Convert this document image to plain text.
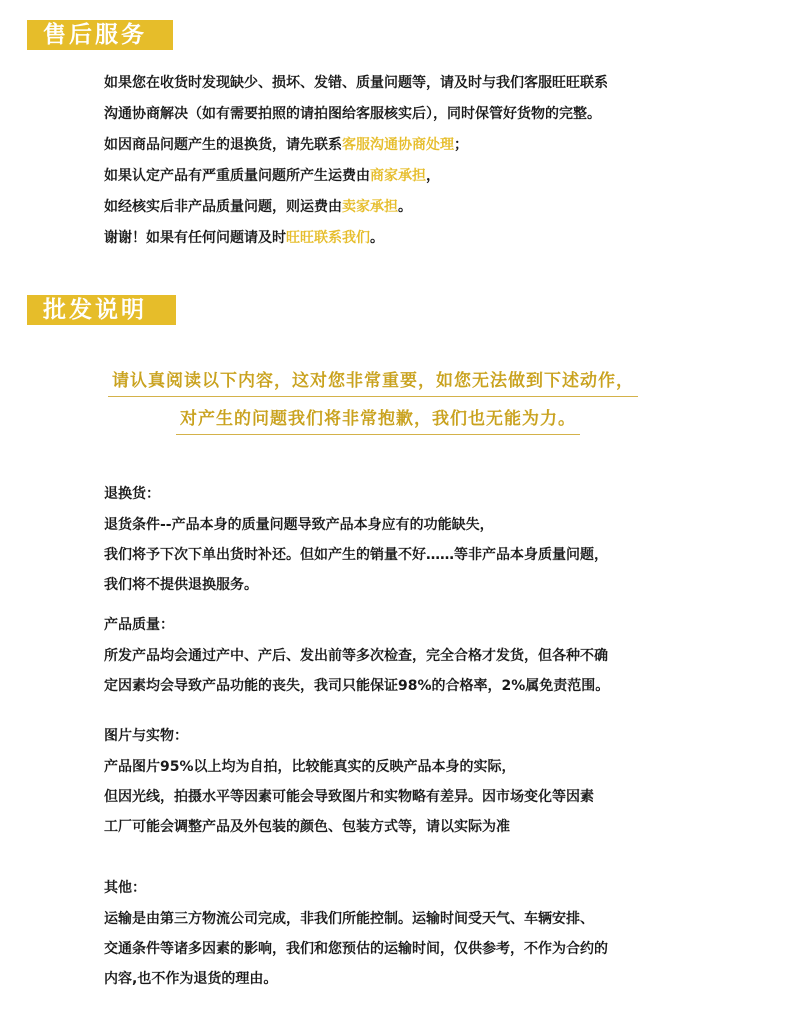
售后服务

如果您在收货时发现缺少、损坏、发错、质量问题等，请及时与我们客服旺旺联系

沟通协商解决（如有需要拍照的请拍图给客服核实后），同时保管好货物的完整。

如因商品问题产生的退换货，请先联系客服沟通协商处理；

如果认定产品有严重质量问题所产生运费由商家承担，

如经核实后非产品质量问题，则运费由卖家承担。

谢谢！如果有任何问题请及时旺旺联系我们。

批发说明
请认真阅读以下内容，这对您非常重要，如您无法做到下述动作，
对产生的问题我们将非常抱歉，我们也无能为力。
退换货：

退货条件--产品本身的质量问题导致产品本身应有的功能缺失，

我们将予下次下单出货时补还。但如产生的销量不好……等非产品本身质量问题，

我们将不提供退换服务。

产品质量：

所发产品均会通过产中、产后、发出前等多次检查，完全合格才发货，但各种不确

定因素均会导致产品功能的丧失，我司只能保证98%的合格率，2%属免责范围。

图片与实物：

产品图片95%以上均为自拍，比较能真实的反映产品本身的实际，

但因光线，拍摄水平等因素可能会导致图片和实物略有差异。因市场变化等因素

工厂可能会调整产品及外包装的颜色、包装方式等，请以实际为准

其他：

运输是由第三方物流公司完成，非我们所能控制。运输时间受天气、车辆安排、

交通条件等诸多因素的影响，我们和您预估的运输时间，仅供参考，不作为合约的

内容,也不作为退货的理由。
